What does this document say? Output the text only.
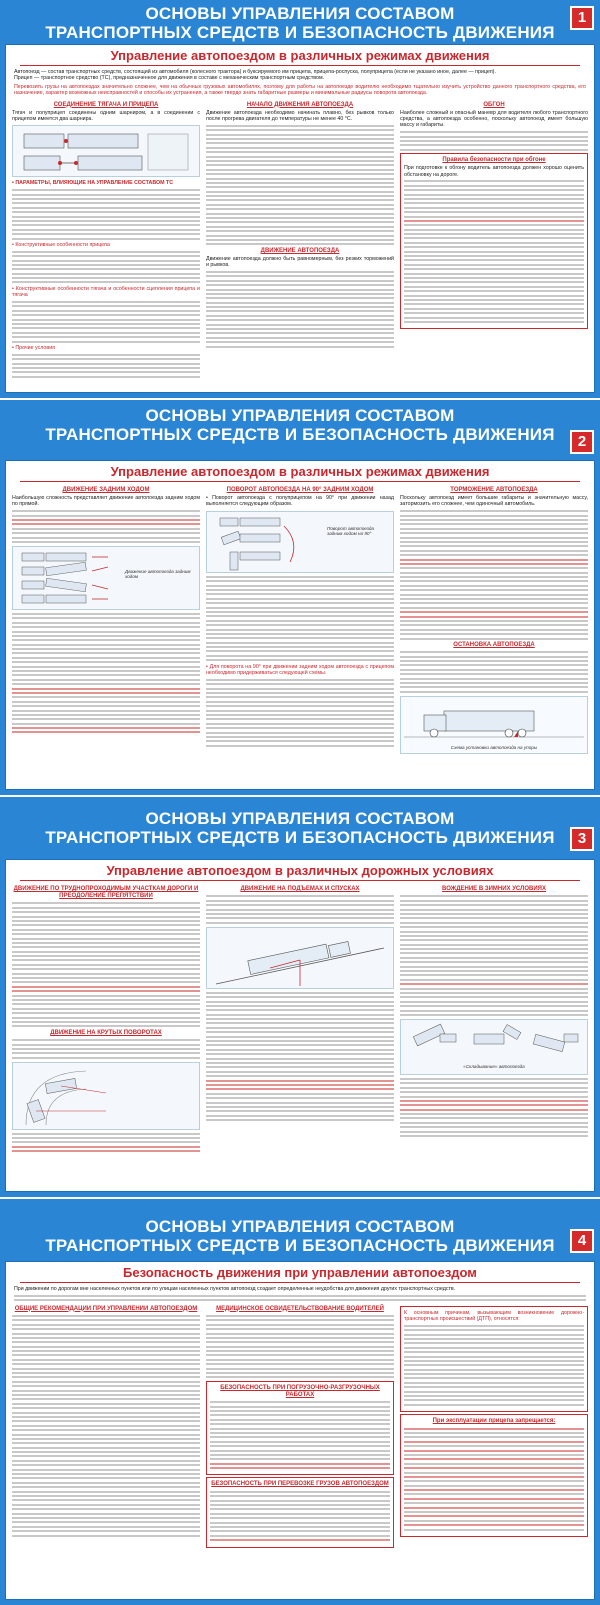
ОСНОВЫ УПРАВЛЕНИЯ СОСТАВОМ
ТРАНСПОРТНЫХ СРЕДСТВ И БЕЗОПАСНОСТЬ ДВИЖЕНИЯ
1
Управление автопоездом в различных режимах движения
Автопоезд — состав транспортных средств, состоящий из автомобиля (колесного трактора) и буксируемого им прицепа, прицепа-роспуска, полуприцепа (если не указано иное, далее — прицеп).
Прицеп — транспортное средство (ТС), предназначенное для движения в составе с механическим транспортным средством.
Перевозить грузы на автопоездах значительно сложнее, чем на обычных грузовых автомобилях, поэтому для работы на автопоезде водителю необходимо тщательно изучить устройство данного транспортного средства, его назначение, характер возможных неисправностей и способы их устранения, а также твердо знать габаритные размеры и минимальные радиусы поворота автопоезда.
СОЕДИНЕНИЕ ТЯГАЧА И ПРИЦЕПА
Тягач и полуприцеп соединены одним шарниром, а в соединении с прицепом имеется два шарнира.
• ПАРАМЕТРЫ, ВЛИЯЮЩИЕ НА УПРАВЛЕНИЕ СОСТАВОМ ТС
• Конструктивные особенности прицепа
• Конструктивные особенности тягача и особенности сцепления прицепа и тягача
• Прочие условия
НАЧАЛО ДВИЖЕНИЯ АВТОПОЕЗДА
Движение автопоезда необходимо начинать плавно, без рывков только после прогрева двигателя до температуры не менее 40 °С.
ДВИЖЕНИЕ АВТОПОЕЗДА
Движение автопоезда должно быть равномерным, без резких торможений и рывков.
ОБГОН
Наиболее сложный и опасный маневр для водителя любого транспортного средства, а автопоезда особенно, поскольку автопоезд имеет большую массу и габариты.
Правила безопасности при обгоне
При подготовке к обгону водитель автопоезда должен хорошо оценить обстановку на дороге.
ОСНОВЫ УПРАВЛЕНИЯ СОСТАВОМ
ТРАНСПОРТНЫХ СРЕДСТВ И БЕЗОПАСНОСТЬ ДВИЖЕНИЯ	2
Управление автопоездом в различных режимах движения
ДВИЖЕНИЕ ЗАДНИМ ХОДОМ
Наибольшую сложность представляет движение автопоезда задним ходом по прямой.
Движение автопоезда задним ходом
ПОВОРОТ АВТОПОЕЗДА НА 90° ЗАДНИМ ХОДОМ
• Поворот автопоезда с полуприцепом на 90° при движении назад выполняется следующим образом.
Поворот автопоезда задним ходом на 90°
• Для поворота на 90° при движении задним ходом автопоезда с прицепом необходимо придерживаться следующей схемы.
ТОРМОЖЕНИЕ АВТОПОЕЗДА
Поскольку автопоезд имеет большие габариты и значительную массу, затормозить его сложнее, чем одиночный автомобиль.
ОСТАНОВКА АВТОПОЕЗДА
Схема установки автопоезда на упоры
ОСНОВЫ УПРАВЛЕНИЯ СОСТАВОМ
ТРАНСПОРТНЫХ СРЕДСТВ И БЕЗОПАСНОСТЬ ДВИЖЕНИЯ	3
Управление автопоездом в различных дорожных условиях
ДВИЖЕНИЕ ПО ТРУДНОПРОХОДИМЫМ УЧАСТКАМ ДОРОГИ И ПРЕОДОЛЕНИЕ ПРЕПЯТСТВИЙ
ДВИЖЕНИЕ НА КРУТЫХ ПОВОРОТАХ
ДВИЖЕНИЕ НА ПОДЪЕМАХ И СПУСКАХ	ВОЖДЕНИЕ В ЗИМНИХ УСЛОВИЯХ
«Складывание» автопоезда
ОСНОВЫ УПРАВЛЕНИЯ СОСТАВОМ
ТРАНСПОРТНЫХ СРЕДСТВ И БЕЗОПАСНОСТЬ ДВИЖЕНИЯ	4
Безопасность движения при управлении автопоездом
При движении по дорогам вне населенных пунктов или по улицам населенных пунктов автопоезд создает определенные неудобства для движения других транспортных средств.
ОБЩИЕ РЕКОМЕНДАЦИИ ПРИ УПРАВЛЕНИИ АВТОПОЕЗДОМ	МЕДИЦИНСКОЕ ОСВИДЕТЕЛЬСТВОВАНИЕ ВОДИТЕЛЕЙ
БЕЗОПАСНОСТЬ ПРИ ПОГРУЗОЧНО-РАЗГРУЗОЧНЫХ РАБОТАХ
БЕЗОПАСНОСТЬ ПРИ ПЕРЕВОЗКЕ ГРУЗОВ АВТОПОЕЗДОМ
К основным причинам, вызывающим возникновение дорожно-транспортных происшествий (ДТП), относятся:
При эксплуатации прицепа запрещается:
